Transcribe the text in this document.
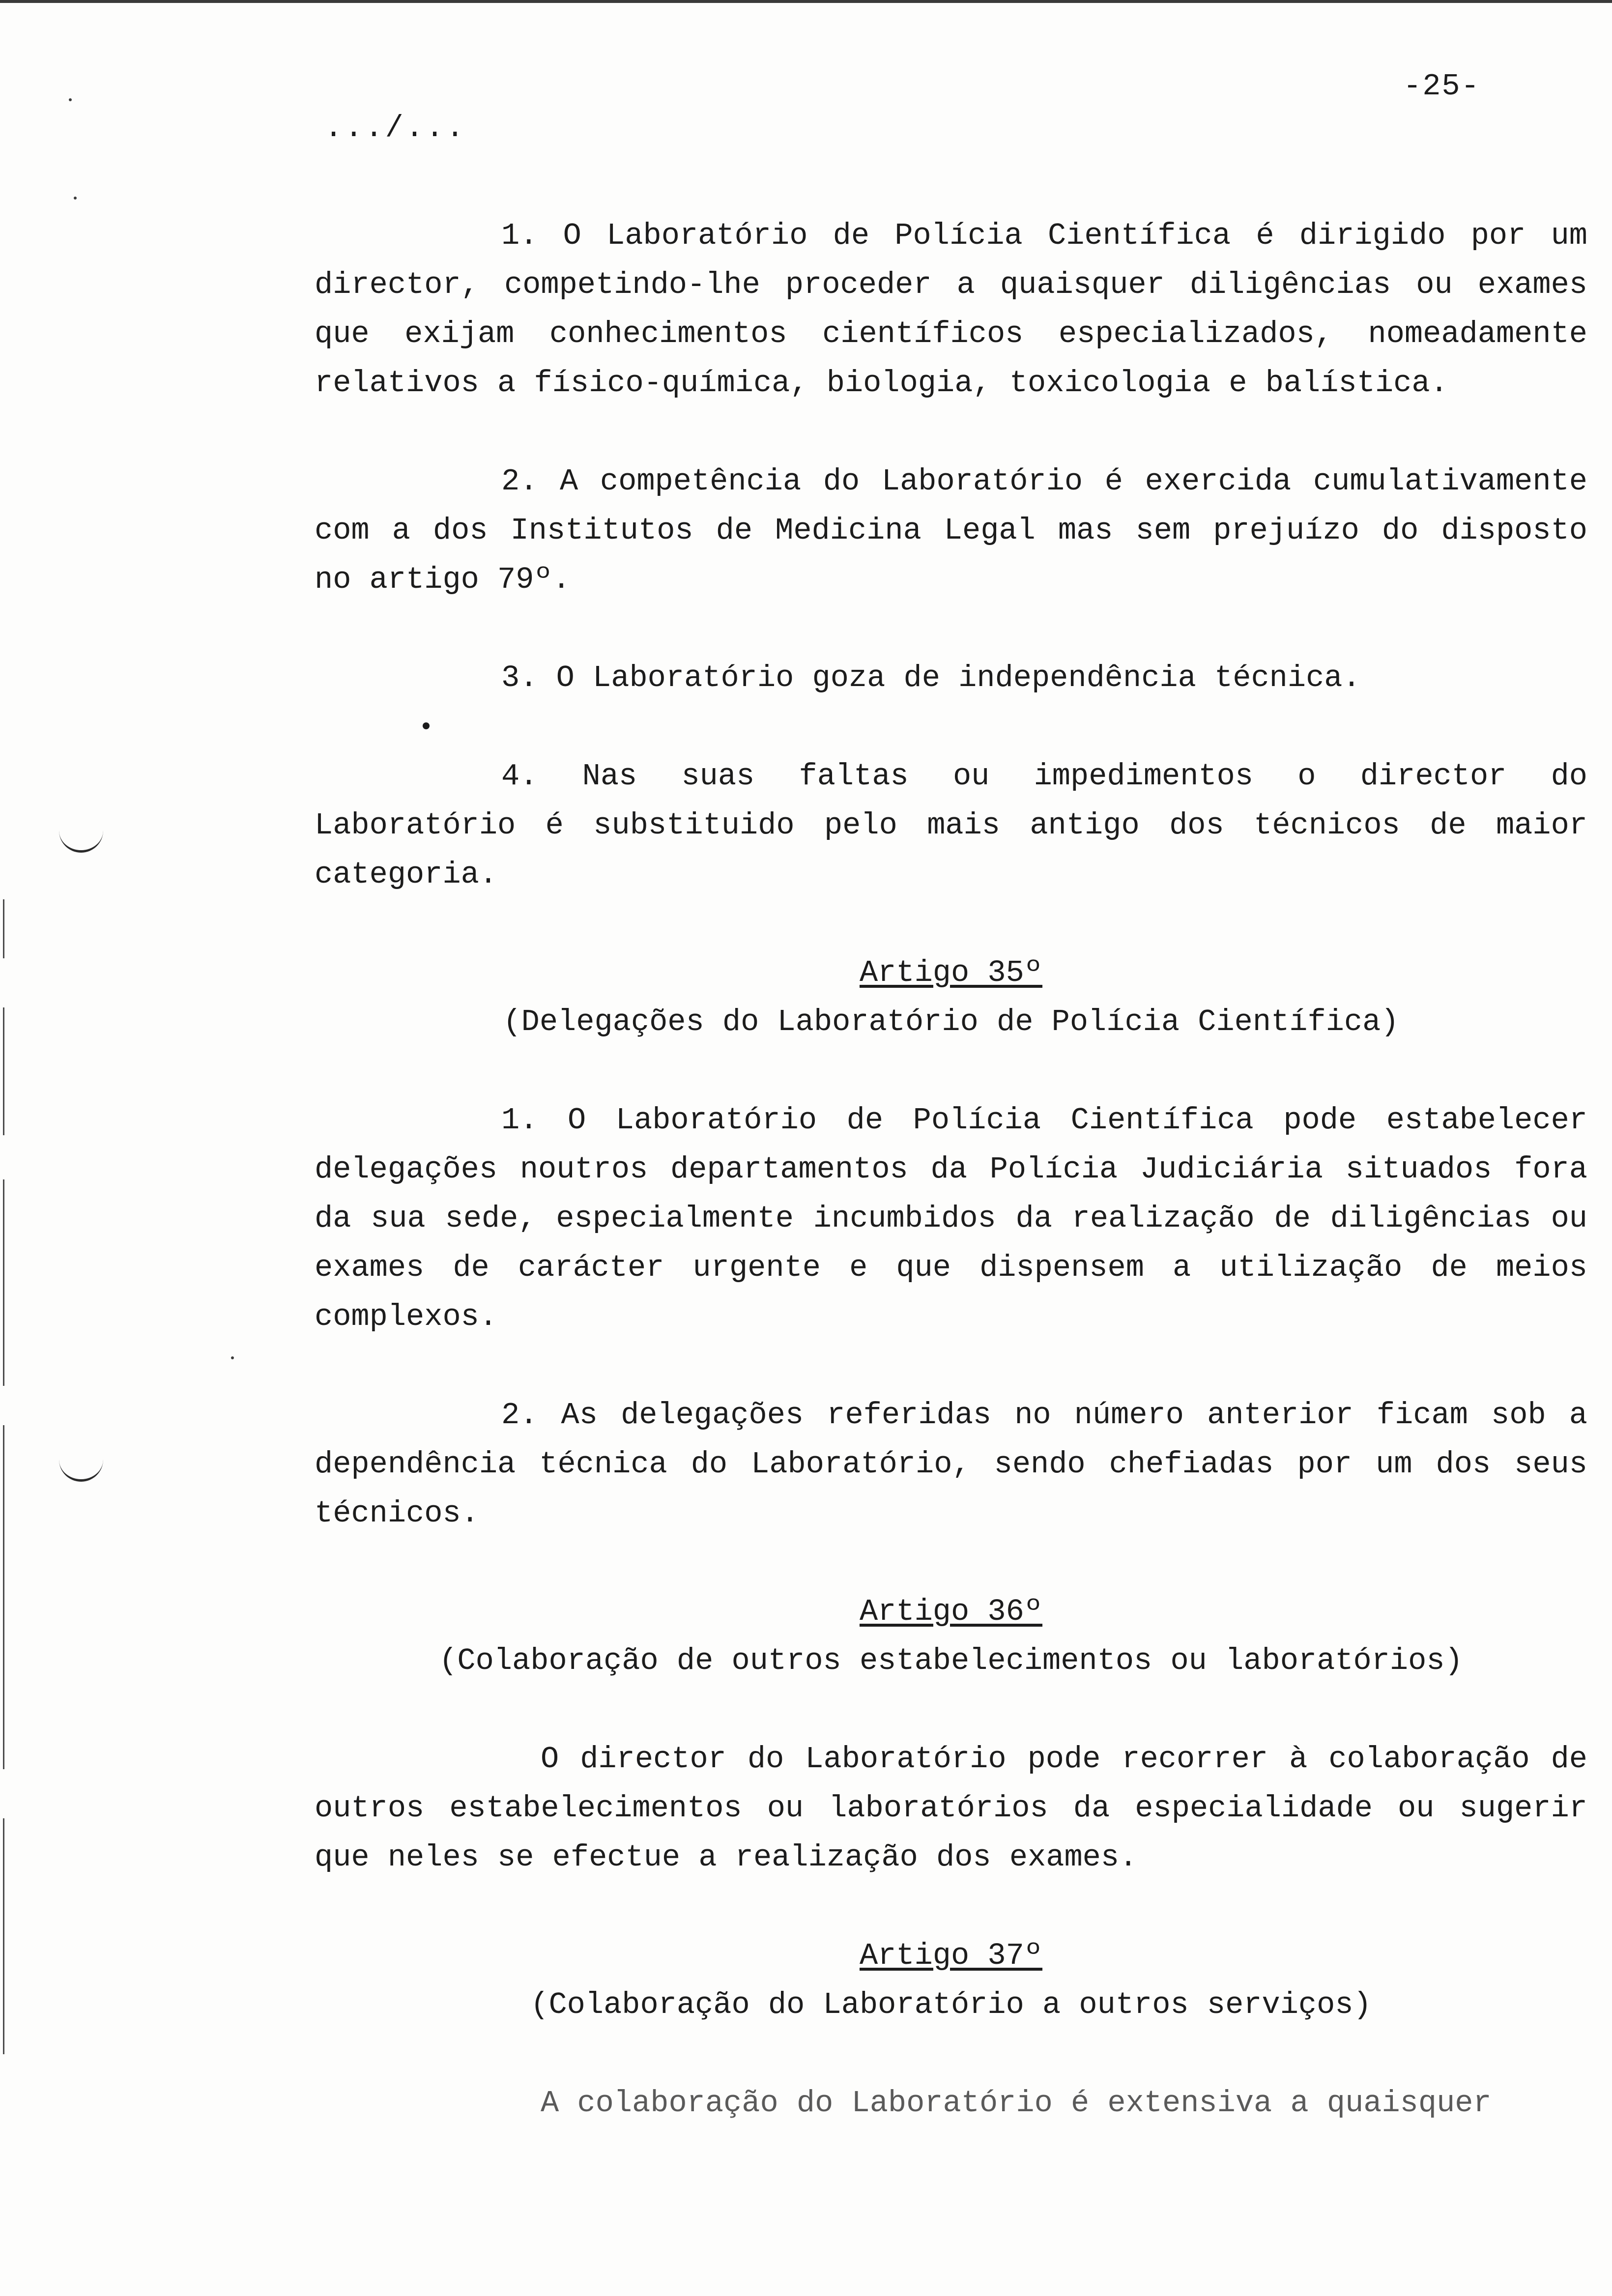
-25-
.../...

1. O Laboratório de Polícia Científica é dirigido por um director, competindo-lhe proceder a quaisquer diligências ou exames que exijam conhecimentos científicos especializados, nomeadamente relativos a físico-química, biologia, toxicologia e balística.

2. A competência do Laboratório é exercida cumulativamente com a dos Institutos de Medicina Legal mas sem prejuízo do disposto no artigo 79º.

3. O Laboratório goza de independência técnica.

4. Nas suas faltas ou impedimentos o director do Laboratório é substituido pelo mais antigo dos técnicos de maior categoria.

Artigo 35º
(Delegações do Laboratório de Polícia Científica)

1. O Laboratório de Polícia Científica pode estabelecer delegações noutros departamentos da Polícia Judiciária situados fora da sua sede, especialmente incumbidos da realização de diligências ou exames de carácter urgente e que dispensem a utilização de meios complexos.

2. As delegações referidas no número anterior ficam sob a dependência técnica do Laboratório, sendo chefiadas por um dos seus técnicos.

Artigo 36º
(Colaboração de outros estabelecimentos ou laboratórios)

O director do Laboratório pode recorrer à colaboração de outros estabelecimentos ou laboratórios da especialidade ou sugerir que neles se efectue a realização dos exames.

Artigo 37º
(Colaboração do Laboratório a outros serviços)

A colaboração do Laboratório é extensiva a quaisquer
